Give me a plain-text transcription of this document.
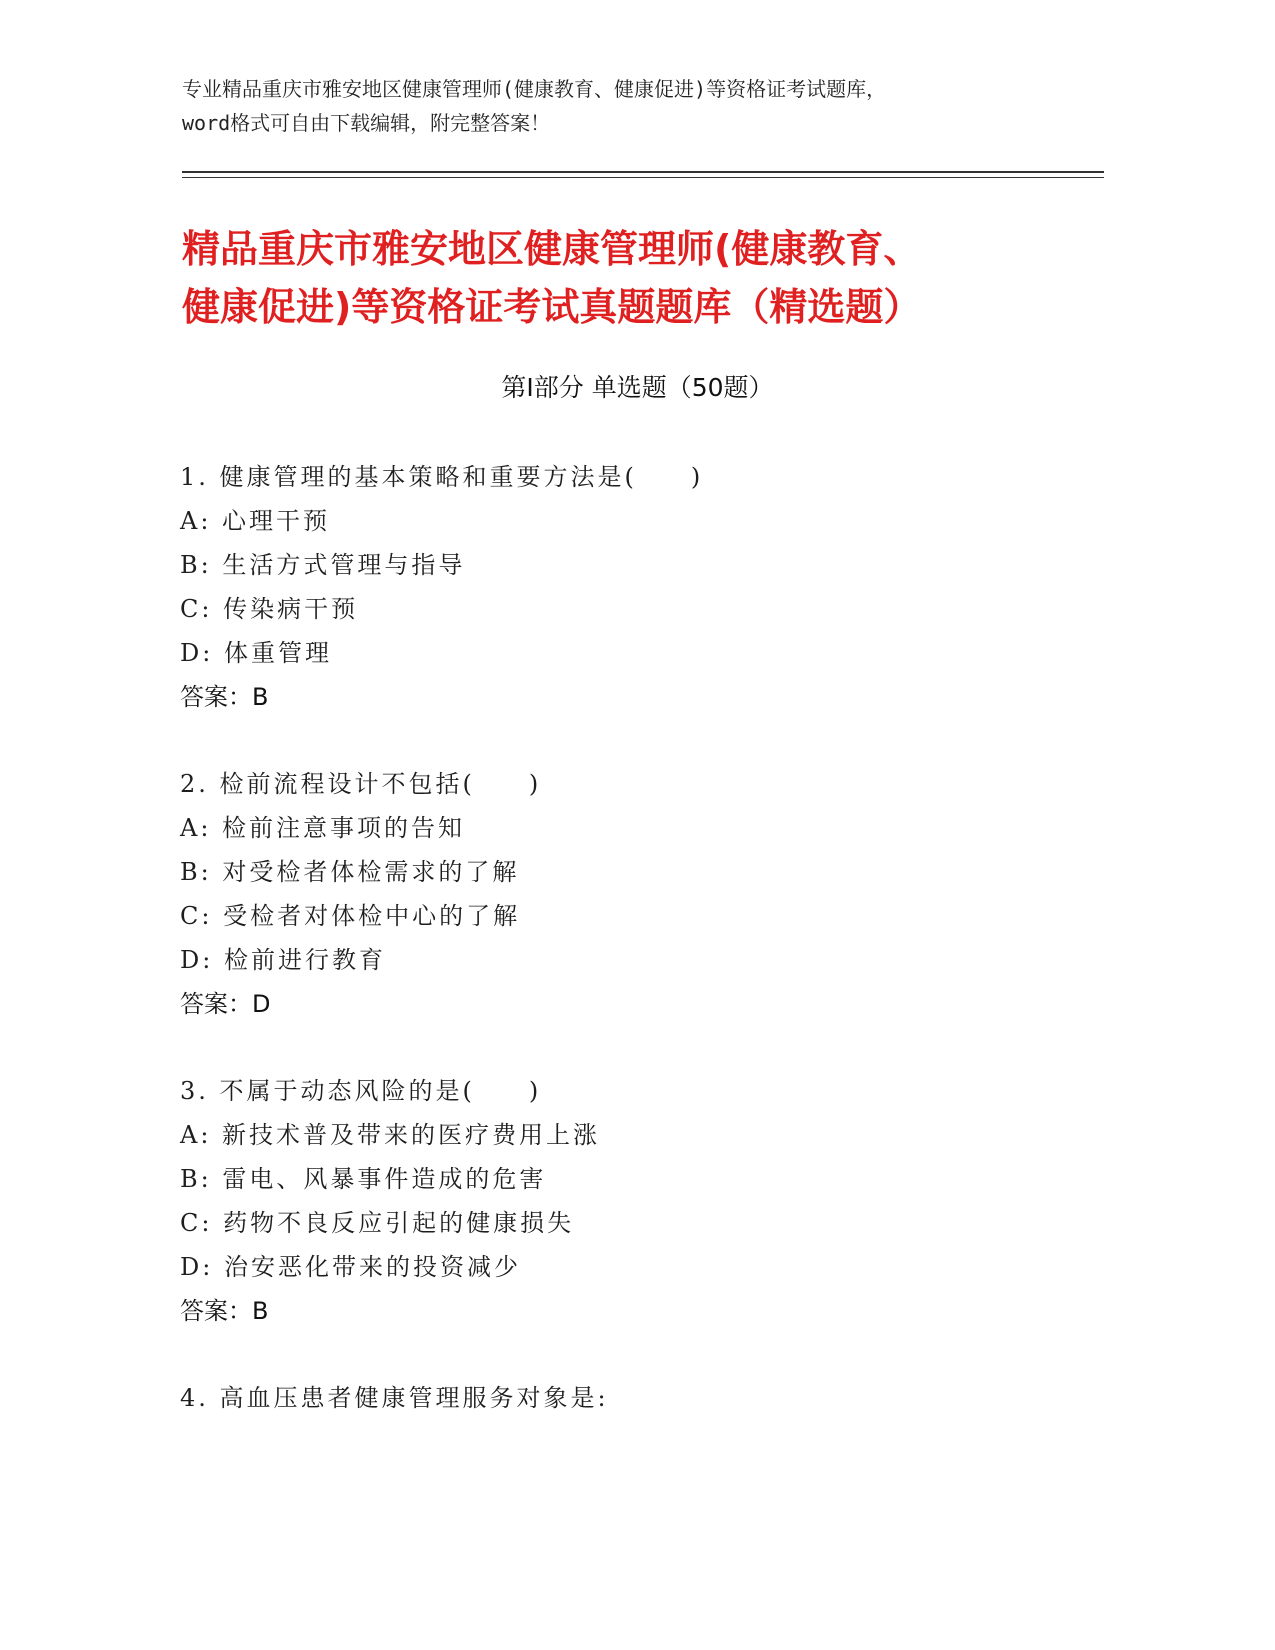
专业精品重庆市雅安地区健康管理师(健康教育、健康促进)等资格证考试题库，
word格式可自由下载编辑，附完整答案！
精品重庆市雅安地区健康管理师(健康教育、
健康促进)等资格证考试真题题库（精选题）
第Ⅰ部分 单选题（50题）
1. 健康管理的基本策略和重要方法是(　　)
A: 心理干预
B: 生活方式管理与指导
C: 传染病干预
D: 体重管理
答案：B
2. 检前流程设计不包括(　　)
A: 检前注意事项的告知
B: 对受检者体检需求的了解
C: 受检者对体检中心的了解
D: 检前进行教育
答案：D
3. 不属于动态风险的是(　　)
A: 新技术普及带来的医疗费用上涨
B: 雷电、风暴事件造成的危害
C: 药物不良反应引起的健康损失
D: 治安恶化带来的投资减少
答案：B
4. 高血压患者健康管理服务对象是:
